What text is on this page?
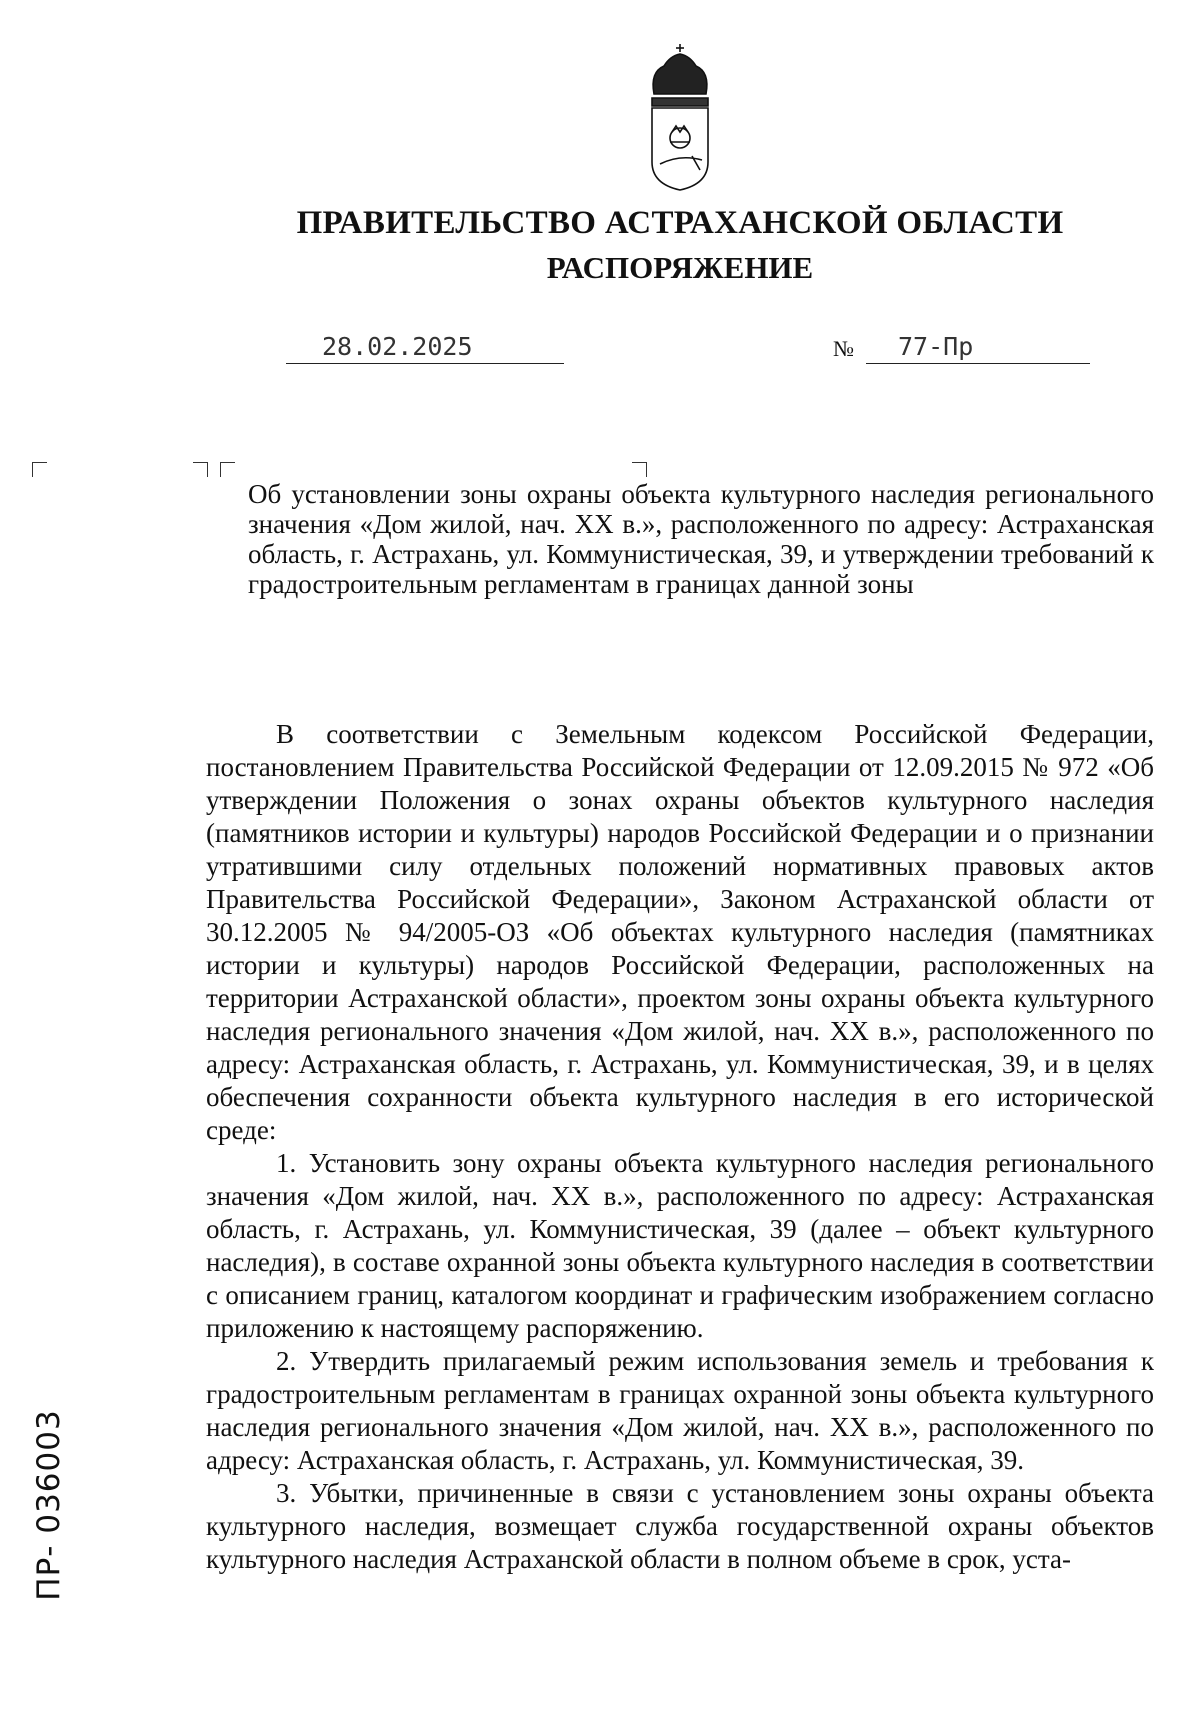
ПРАВИТЕЛЬСТВО АСТРАХАНСКОЙ ОБЛАСТИ
РАСПОРЯЖЕНИЕ
28.02.2025	№	77-Пр
Об установлении зоны охраны объекта культурного наследия регионального значения «Дом жилой, нач. XX в.», расположенного по адресу: Астраханская область, г. Астрахань, ул. Коммунистическая, 39, и утверждении требований к градостроительным регламентам в границах данной зоны

В соответствии с Земельным кодексом Российской Федерации, постановлением Правительства Российской Федерации от 12.09.2015 № 972 «Об утверждении Положения о зонах охраны объектов культурного наследия (памятников истории и культуры) народов Российской Федерации и о признании утратившими силу отдельных положений нормативных правовых актов Правительства Российской Федерации», Законом Астраханской области от 30.12.2005 № 94/2005-ОЗ «Об объектах культурного наследия (памятниках истории и культуры) народов Российской Федерации, расположенных на территории Астраханской области», проектом зоны охраны объекта культурного наследия регионального значения «Дом жилой, нач. XX в.», расположенного по адресу: Астраханская область, г. Астрахань, ул. Коммунистическая, 39, и в целях обеспечения сохранности объекта культурного наследия в его исторической среде:

1. Установить зону охраны объекта культурного наследия регионального значения «Дом жилой, нач. XX в.», расположенного по адресу: Астраханская область, г. Астрахань, ул. Коммунистическая, 39 (далее – объект культурного наследия), в составе охранной зоны объекта культурного наследия в соответствии с описанием границ, каталогом координат и графическим изображением согласно приложению к настоящему распоряжению.

2. Утвердить прилагаемый режим использования земель и требования к градостроительным регламентам в границах охранной зоны объекта культурного наследия регионального значения «Дом жилой, нач. XX в.», расположенного по адресу: Астраханская область, г. Астрахань, ул. Коммунистическая, 39.

3. Убытки, причиненные в связи с установлением зоны охраны объекта культурного наследия, возмещает служба государственной охраны объектов культурного наследия Астраханской области в полном объеме в срок, уста-

ПР- 036003
